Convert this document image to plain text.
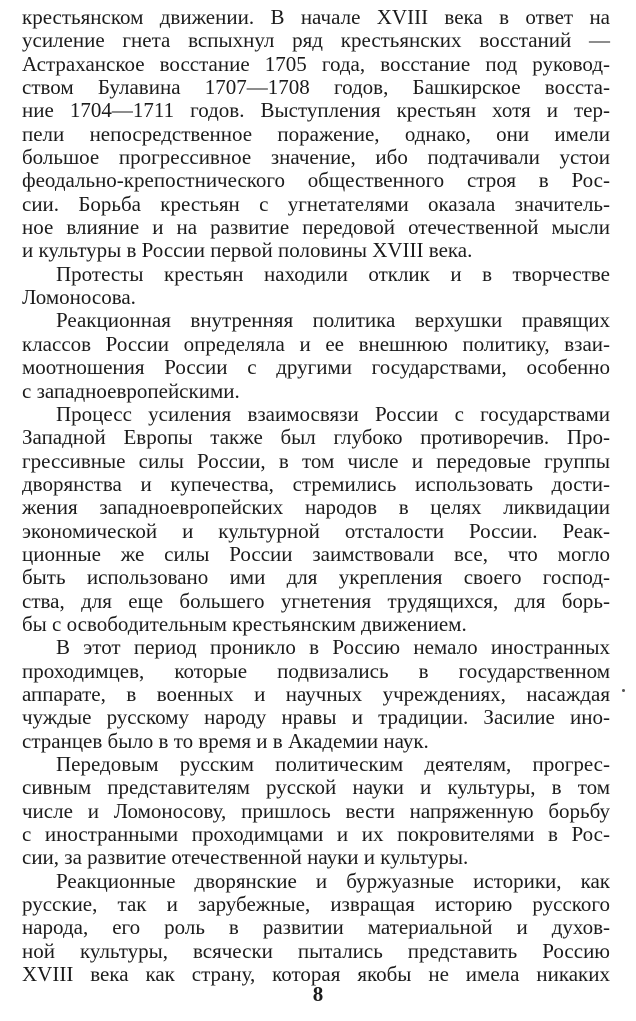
крестьянском движении. В начале XVIII века в ответ на
усиление гнета вспыхнул ряд крестьянских восстаний —
Астраханское восстание 1705 года, восстание под руковод-
ством Булавина 1707—1708 годов, Башкирское восста-
ние 1704—1711 годов. Выступления крестьян хотя и тер-
пели непосредственное поражение, однако, они имели
большое прогрессивное значение, ибо подтачивали устои
феодально-крепостнического общественного строя в Рос-
сии. Борьба крестьян с угнетателями оказала значитель-
ное влияние и на развитие передовой отечественной мысли
и культуры в России первой половины XVIII века.
Протесты крестьян находили отклик и в творчестве
Ломоносова.
Реакционная внутренняя политика верхушки правящих
классов России определяла и ее внешнюю политику, взаи-
моотношения России с другими государствами, особенно
с западноевропейскими.
Процесс усиления взаимосвязи России с государствами
Западной Европы также был глубоко противоречив. Про-
грессивные силы России, в том числе и передовые группы
дворянства и купечества, стремились использовать дости-
жения западноевропейских народов в целях ликвидации
экономической и культурной отсталости России. Реак-
ционные же силы России заимствовали все, что могло
быть использовано ими для укрепления своего господ-
ства, для еще большего угнетения трудящихся, для борь-
бы с освободительным крестьянским движением.
В этот период проникло в Россию немало иностранных
проходимцев, которые подвизались в государственном
аппарате, в военных и научных учреждениях, насаждая
чуждые русскому народу нравы и традиции. Засилие ино-
странцев было в то время и в Академии наук.
Передовым русским политическим деятелям, прогрес-
сивным представителям русской науки и культуры, в том
числе и Ломоносову, пришлось вести напряженную борьбу
с иностранными проходимцами и их покровителями в Рос-
сии, за развитие отечественной науки и культуры.
Реакционные дворянские и буржуазные историки, как
русские, так и зарубежные, извращая историю русского
народа, его роль в развитии материальной и духов-
ной культуры, всячески пытались представить Россию
XVIII века как страну, которая якобы не имела никаких
8
